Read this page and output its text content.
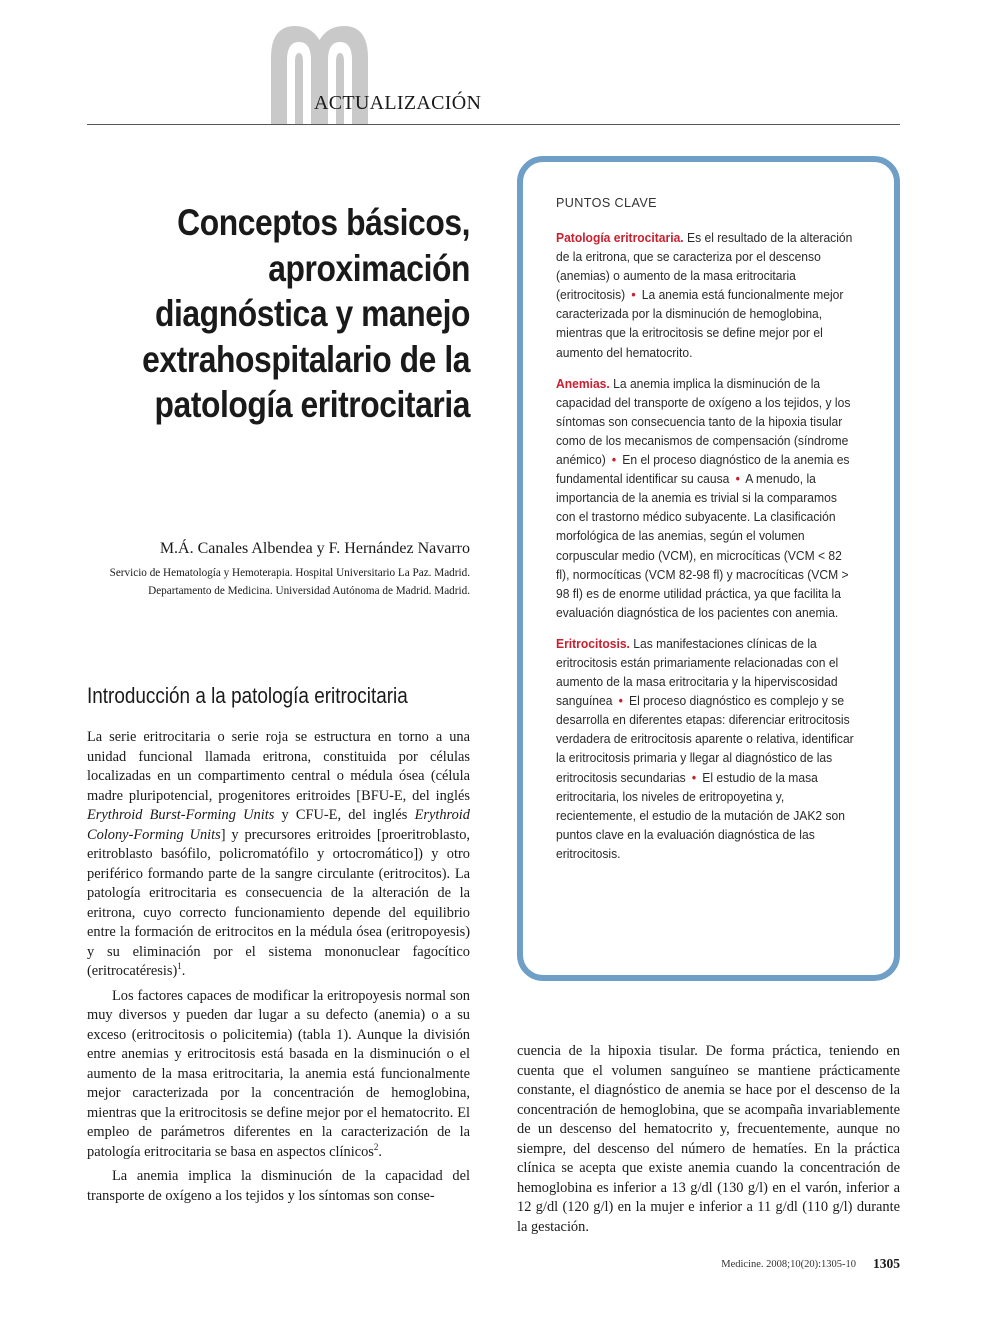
ACTUALIZACIÓN
Conceptos básicos, aproximación diagnóstica y manejo extrahospitalario de la patología eritrocitaria
M.Á. Canales Albendea y F. Hernández Navarro
Servicio de Hematología y Hemoterapia. Hospital Universitario La Paz. Madrid. Departamento de Medicina. Universidad Autónoma de Madrid. Madrid.
PUNTOS CLAVE

Patología eritrocitaria. Es el resultado de la alteración de la eritrona, que se caracteriza por el descenso (anemias) o aumento de la masa eritrocitaria (eritrocitosis) • La anemia está funcionalmente mejor caracterizada por la disminución de hemoglobina, mientras que la eritrocitosis se define mejor por el aumento del hematocrito.

Anemias. La anemia implica la disminución de la capacidad del transporte de oxígeno a los tejidos, y los síntomas son consecuencia tanto de la hipoxia tisular como de los mecanismos de compensación (síndrome anémico) • En el proceso diagnóstico de la anemia es fundamental identificar su causa • A menudo, la importancia de la anemia es trivial si la comparamos con el trastorno médico subyacente. La clasificación morfológica de las anemias, según el volumen corpuscular medio (VCM), en microcíticas (VCM < 82 fl), normocíticas (VCM 82-98 fl) y macrocíticas (VCM > 98 fl) es de enorme utilidad práctica, ya que facilita la evaluación diagnóstica de los pacientes con anemia.

Eritrocitosis. Las manifestaciones clínicas de la eritrocitosis están primariamente relacionadas con el aumento de la masa eritrocitaria y la hiperviscosidad sanguínea • El proceso diagnóstico es complejo y se desarrolla en diferentes etapas: diferenciar eritrocitosis verdadera de eritrocitosis aparente o relativa, identificar la eritrocitosis primaria y llegar al diagnóstico de las eritrocitosis secundarias • El estudio de la masa eritrocitaria, los niveles de eritropoyetina y, recientemente, el estudio de la mutación de JAK2 son puntos clave en la evaluación diagnóstica de las eritrocitosis.

Introducción a la patología eritrocitaria

La serie eritrocitaria o serie roja se estructura en torno a una unidad funcional llamada eritrona, constituida por células localizadas en un compartimento central o médula ósea (célula madre pluripotencial, progenitores eritroides [BFU-E, del inglés Erythroid Burst-Forming Units y CFU-E, del inglés Erythroid Colony-Forming Units] y precursores eritroides [proeritroblasto, eritroblasto basófilo, policromatófilo y ortocromático]) y otro periférico formando parte de la sangre circulante (eritrocitos). La patología eritrocitaria es consecuencia de la alteración de la eritrona, cuyo correcto funcionamiento depende del equilibrio entre la formación de eritrocitos en la médula ósea (eritropoyesis) y su eliminación por el sistema mononuclear fagocítico (eritrocatéresis)$^1$.

Los factores capaces de modificar la eritropoyesis normal son muy diversos y pueden dar lugar a su defecto (anemia) o a su exceso (eritrocitosis o policitemia) (tabla 1). Aunque la división entre anemias y eritrocitosis está basada en la disminución o el aumento de la masa eritrocitaria, la anemia está funcionalmente mejor caracterizada por la concentración de hemoglobina, mientras que la eritrocitosis se define mejor por el hematocrito. El empleo de parámetros diferentes en la caracterización de la patología eritrocitaria se basa en aspectos clínicos$^2$.

La anemia implica la disminución de la capacidad del transporte de oxígeno a los tejidos y los síntomas son conse-

cuencia de la hipoxia tisular. De forma práctica, teniendo en cuenta que el volumen sanguíneo se mantiene prácticamente constante, el diagnóstico de anemia se hace por el descenso de la concentración de hemoglobina, que se acompaña invariablemente de un descenso del hematocrito y, frecuentemente, aunque no siempre, del descenso del número de hematíes. En la práctica clínica se acepta que existe anemia cuando la concentración de hemoglobina es inferior a 13 g/dl (130 g/l) en el varón, inferior a 12 g/dl (120 g/l) en la mujer e inferior a 11 g/dl (110 g/l) durante la gestación.

Medicine. 2008;10(20):1305-10	1305
